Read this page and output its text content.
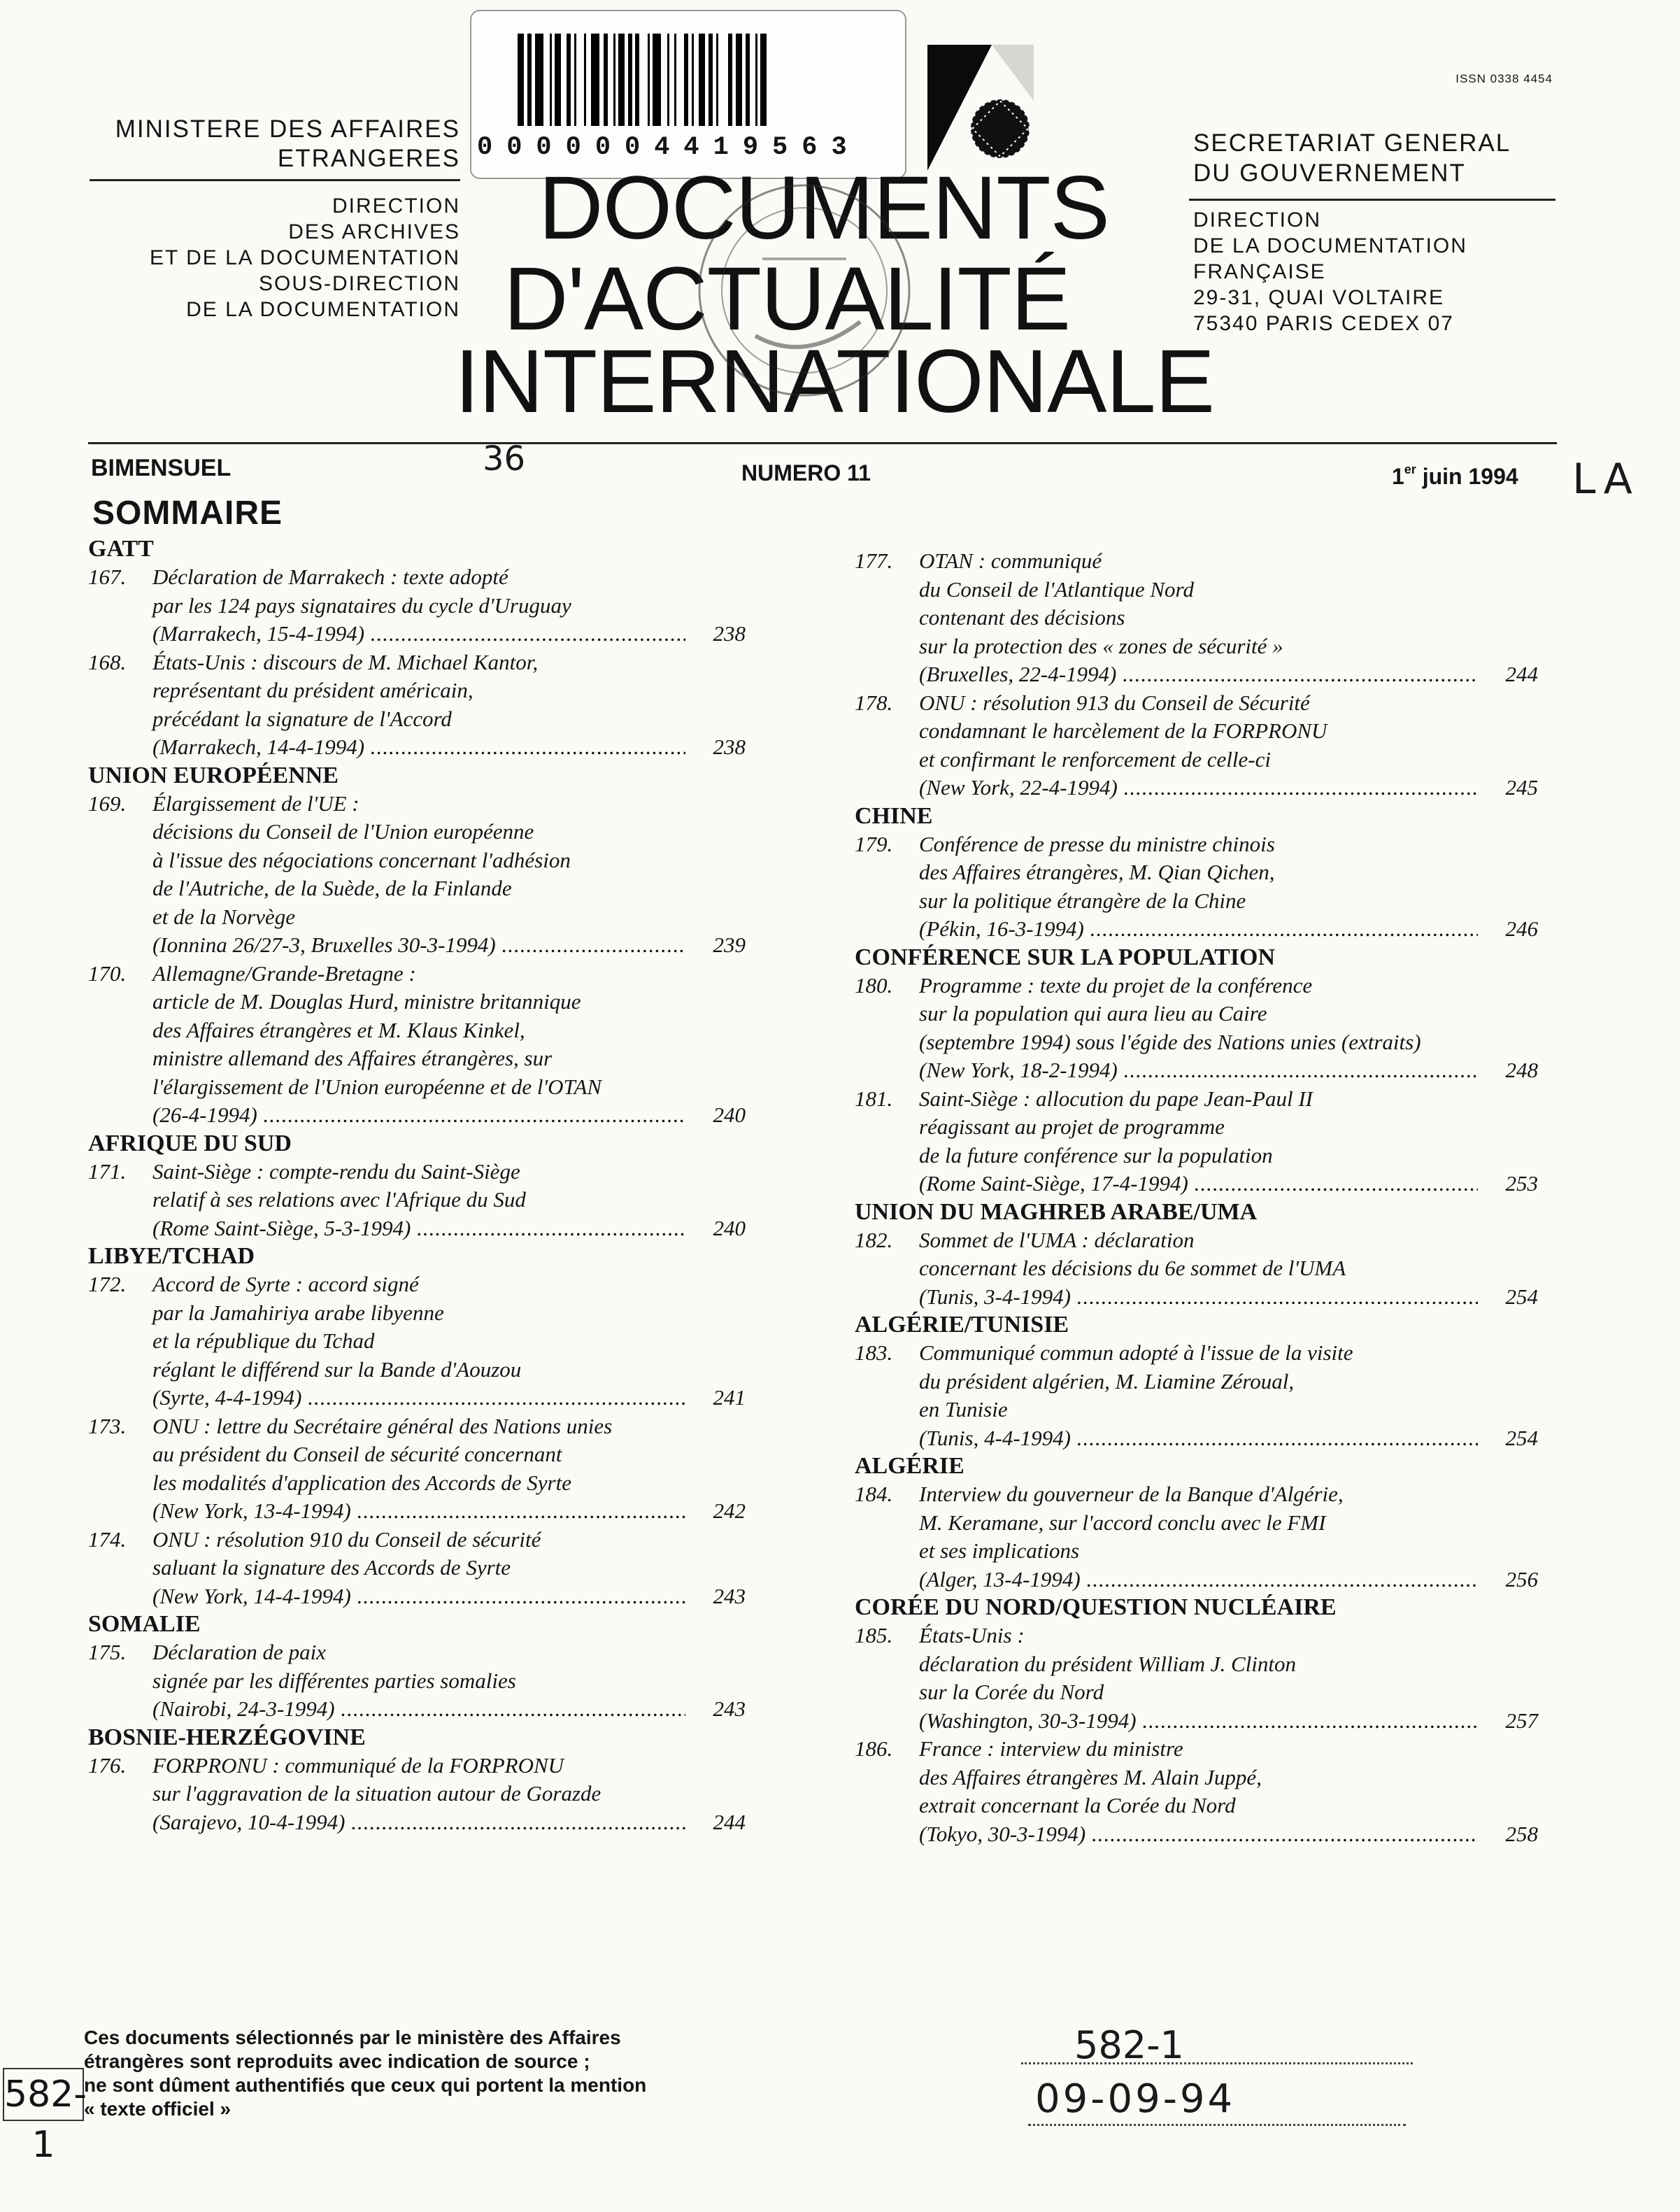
ISSN 0338 4454
0000004419563
MINISTERE DES AFFAIRES
ETRANGERES
DIRECTION
DES ARCHIVES
ET DE LA DOCUMENTATION
SOUS-DIRECTION
DE LA DOCUMENTATION
SECRETARIAT GENERAL
DU GOUVERNEMENT
DIRECTION
DE LA DOCUMENTATION
FRANÇAISE
29-31, QUAI VOLTAIRE
75340 PARIS CEDEX 07
DOCUMENTS
D'ACTUALITÉ
INTERNATIONALE
BIMENSUEL	36	NUMERO 11	1er juin 1994 LA
SOMMAIRE
GATT
167. Déclaration de Marrakech : texte adopté
par les 124 pays signataires du cycle d'Uruguay
(Marrakech, 15-4-1994) .....	238
168. États-Unis : discours de M. Michael Kantor,
représentant du président américain,
précédant la signature de l'Accord
(Marrakech, 14-4-1994) .....	238
UNION EUROPÉENNE
169. Élargissement de l'UE :
décisions du Conseil de l'Union européenne
à l'issue des négociations concernant l'adhésion
de l'Autriche, de la Suède, de la Finlande
et de la Norvège
(Ionnina 26/27-3, Bruxelles 30-3-1994) .....	239
170. Allemagne/Grande-Bretagne :
article de M. Douglas Hurd, ministre britannique
des Affaires étrangères et M. Klaus Kinkel,
ministre allemand des Affaires étrangères, sur
l'élargissement de l'Union européenne et de l'OTAN
(26-4-1994) .....	240
AFRIQUE DU SUD
171. Saint-Siège : compte-rendu du Saint-Siège
relatif à ses relations avec l'Afrique du Sud
(Rome Saint-Siège, 5-3-1994) .....	240
LIBYE/TCHAD
172. Accord de Syrte : accord signé
par la Jamahiriya arabe libyenne
et la république du Tchad
réglant le différend sur la Bande d'Aouzou
(Syrte, 4-4-1994) .....	241
173. ONU : lettre du Secrétaire général des Nations unies
au président du Conseil de sécurité concernant
les modalités d'application des Accords de Syrte
(New York, 13-4-1994) .....	242
174. ONU : résolution 910 du Conseil de sécurité
saluant la signature des Accords de Syrte
(New York, 14-4-1994) .....	243
SOMALIE
175. Déclaration de paix
signée par les différentes parties somalies
(Nairobi, 24-3-1994) .....	243
BOSNIE-HERZÉGOVINE
176. FORPRONU : communiqué de la FORPRONU
sur l'aggravation de la situation autour de Gorazde
(Sarajevo, 10-4-1994) .....	244
177. OTAN : communiqué
du Conseil de l'Atlantique Nord
contenant des décisions
sur la protection des « zones de sécurité »
(Bruxelles, 22-4-1994) .....	244
178. ONU : résolution 913 du Conseil de Sécurité
condamnant le harcèlement de la FORPRONU
et confirmant le renforcement de celle-ci
(New York, 22-4-1994) .....	245
CHINE
179. Conférence de presse du ministre chinois
des Affaires étrangères, M. Qian Qichen,
sur la politique étrangère de la Chine
(Pékin, 16-3-1994) .....	246
CONFÉRENCE SUR LA POPULATION
180. Programme : texte du projet de la conférence
sur la population qui aura lieu au Caire
(septembre 1994) sous l'égide des Nations unies (extraits)
(New York, 18-2-1994) .....	248
181. Saint-Siège : allocution du pape Jean-Paul II
réagissant au projet de programme
de la future conférence sur la population
(Rome Saint-Siège, 17-4-1994) .....	253
UNION DU MAGHREB ARABE/UMA
182. Sommet de l'UMA : déclaration
concernant les décisions du 6e sommet de l'UMA
(Tunis, 3-4-1994) .....	254
ALGÉRIE/TUNISIE
183. Communiqué commun adopté à l'issue de la visite
du président algérien, M. Liamine Zéroual,
en Tunisie
(Tunis, 4-4-1994) .....	254
ALGÉRIE
184. Interview du gouverneur de la Banque d'Algérie,
M. Keramane, sur l'accord conclu avec le FMI
et ses implications
(Alger, 13-4-1994) .....	256
CORÉE DU NORD/QUESTION NUCLÉAIRE
185. États-Unis :
déclaration du président William J. Clinton
sur la Corée du Nord
(Washington, 30-3-1994) .....	257
186. France : interview du ministre
des Affaires étrangères M. Alain Juppé,
extrait concernant la Corée du Nord
(Tokyo, 30-3-1994) .....	258
Ces documents sélectionnés par le ministère des Affaires
étrangères sont reproduits avec indication de source ;
ne sont dûment authentifiés que ceux qui portent la mention
« texte officiel »
582-1
582-1
09-09-94
